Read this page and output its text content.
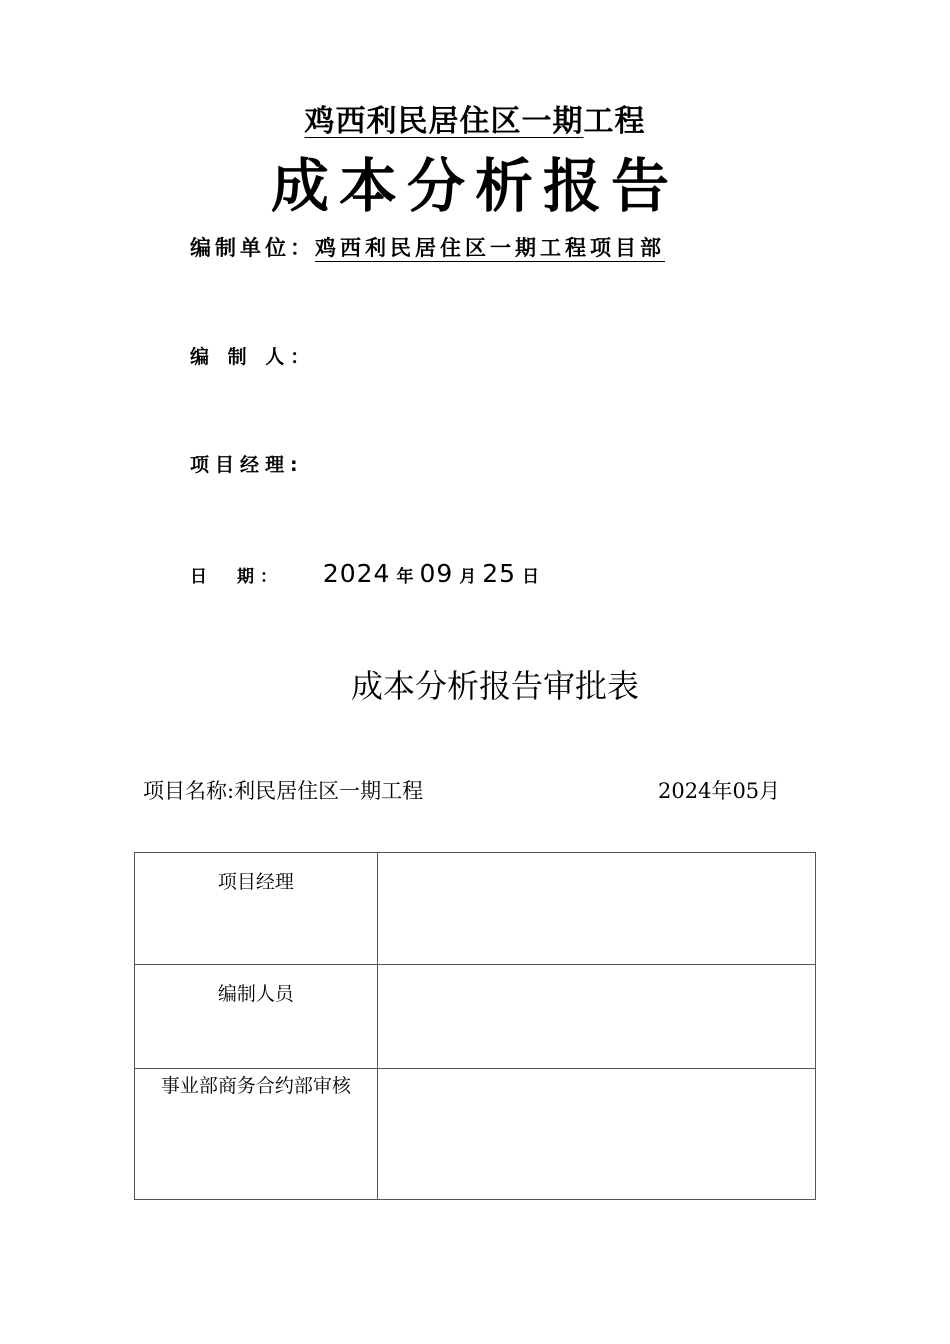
鸡西利民居住区一期工程
成本分析报告
编制单位：鸡西利民居住区一期工程项目部
编 制 人：
项目经理:
日期： 2024 年 09 月 25 日
成本分析报告审批表
项目名称:利民居住区一期工程	2024年05月
项目经理	
编制人员	
事业部商务合约部审核	
